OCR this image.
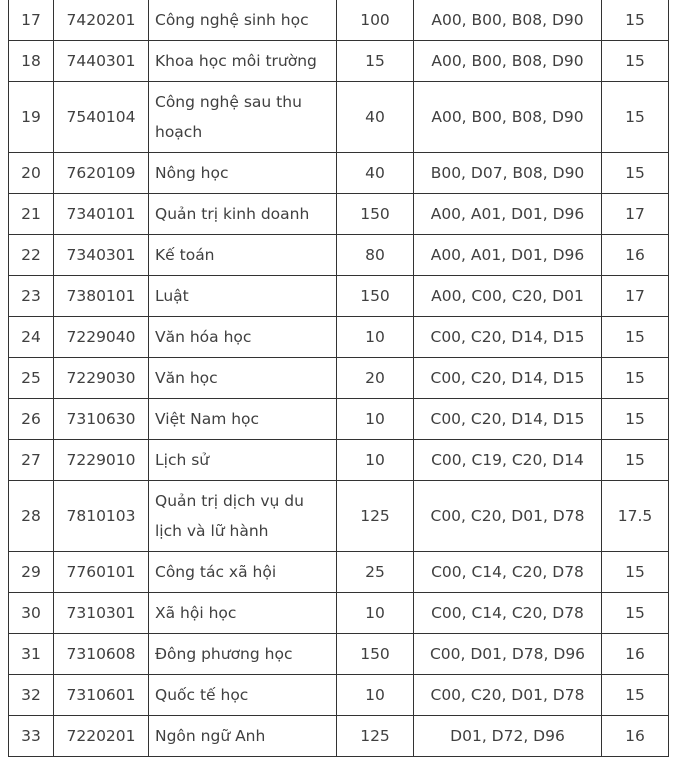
17	7420201	Công nghệ sinh học	100	A00, B00, B08, D90	15
18	7440301	Khoa học môi trường	15	A00, B00, B08, D90	15
19	7540104	Công nghệ sau thu hoạch	40	A00, B00, B08, D90	15
20	7620109	Nông học	40	B00, D07, B08, D90	15
21	7340101	Quản trị kinh doanh	150	A00, A01, D01, D96	17
22	7340301	Kế toán	80	A00, A01, D01, D96	16
23	7380101	Luật	150	A00, C00, C20, D01	17
24	7229040	Văn hóa học	10	C00, C20, D14, D15	15
25	7229030	Văn học	20	C00, C20, D14, D15	15
26	7310630	Việt Nam học	10	C00, C20, D14, D15	15
27	7229010	Lịch sử	10	C00, C19, C20, D14	15
28	7810103	Quản trị dịch vụ du lịch và lữ hành	125	C00, C20, D01, D78	17.5
29	7760101	Công tác xã hội	25	C00, C14, C20, D78	15
30	7310301	Xã hội học	10	C00, C14, C20, D78	15
31	7310608	Đông phương học	150	C00, D01, D78, D96	16
32	7310601	Quốc tế học	10	C00, C20, D01, D78	15
33	7220201	Ngôn ngữ Anh	125	D01, D72, D96	16
